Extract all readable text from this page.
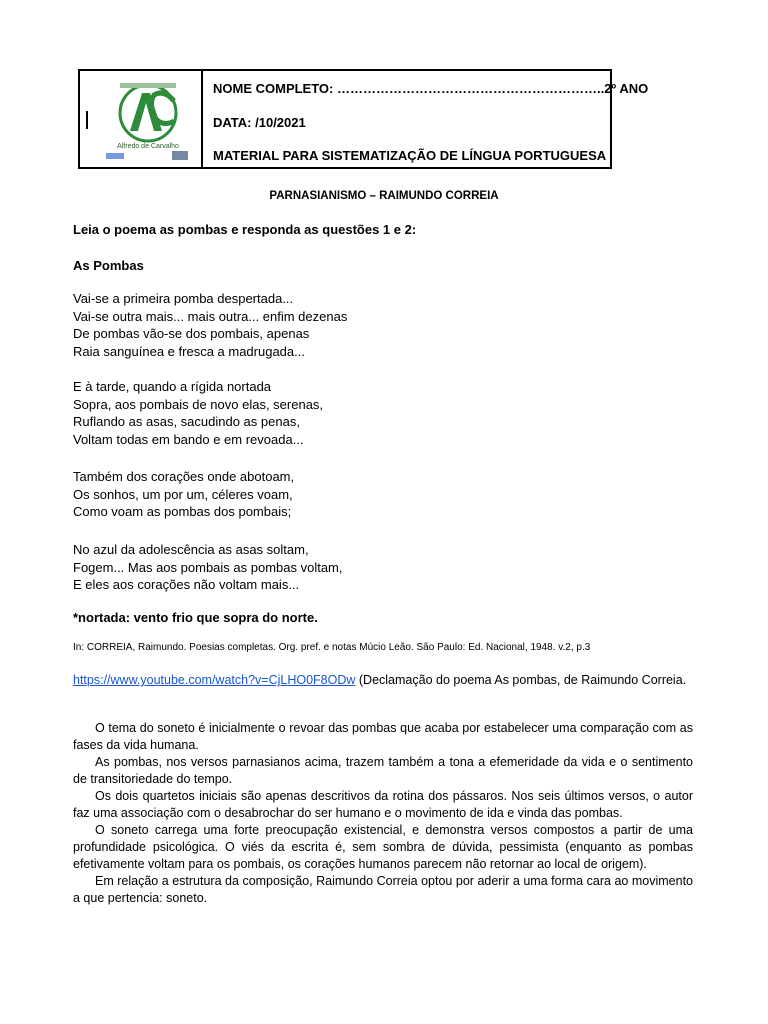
Alfredo de Carvalho
NOME COMPLETO: ……………………………………………………..2º ANO
DATA: /10/2021
MATERIAL PARA SISTEMATIZAÇÃO DE LÍNGUA PORTUGUESA
PARNASIANISMO – RAIMUNDO CORREIA
Leia o poema as pombas e responda as questões 1 e 2:
As Pombas
Vai-se a primeira pomba despertada...
Vai-se outra mais... mais outra... enfim dezenas
De pombas vão-se dos pombais, apenas
Raia sanguínea e fresca a madrugada...
E à tarde, quando a rígida nortada
Sopra, aos pombais de novo elas, serenas,
Ruflando as asas, sacudindo as penas,
Voltam todas em bando e em revoada...
Também dos corações onde abotoam,
Os sonhos, um por um, céleres voam,
Como voam as pombas dos pombais;
No azul da adolescência as asas soltam,
Fogem... Mas aos pombais as pombas voltam,
E eles aos corações não voltam mais...
*nortada: vento frio que sopra do norte.
In: CORREIA, Raimundo. Poesias completas. Org. pref. e notas Múcio Leão. São Paulo: Ed. Nacional, 1948. v.2, p.3
https://www.youtube.com/watch?v=CjLHO0F8ODw (Declamação do poema As pombas, de Raimundo Correia.

O tema do soneto é inicialmente o revoar das pombas que acaba por estabelecer uma comparação com as fases da vida humana.

As pombas, nos versos parnasianos acima, trazem também a tona a efemeridade da vida e o sentimento de transitoriedade do tempo.

Os dois quartetos iniciais são apenas descritivos da rotina dos pássaros. Nos seis últimos versos, o autor faz uma associação com o desabrochar do ser humano e o movimento de ida e vinda das pombas.

O soneto carrega uma forte preocupação existencial, e demonstra versos compostos a partir de uma profundidade psicológica. O viés da escrita é, sem sombra de dúvida, pessimista (enquanto as pombas efetivamente voltam para os pombais, os corações humanos parecem não retornar ao local de origem).

Em relação a estrutura da composição, Raimundo Correia optou por aderir a uma forma cara ao movimento a que pertencia: soneto.
